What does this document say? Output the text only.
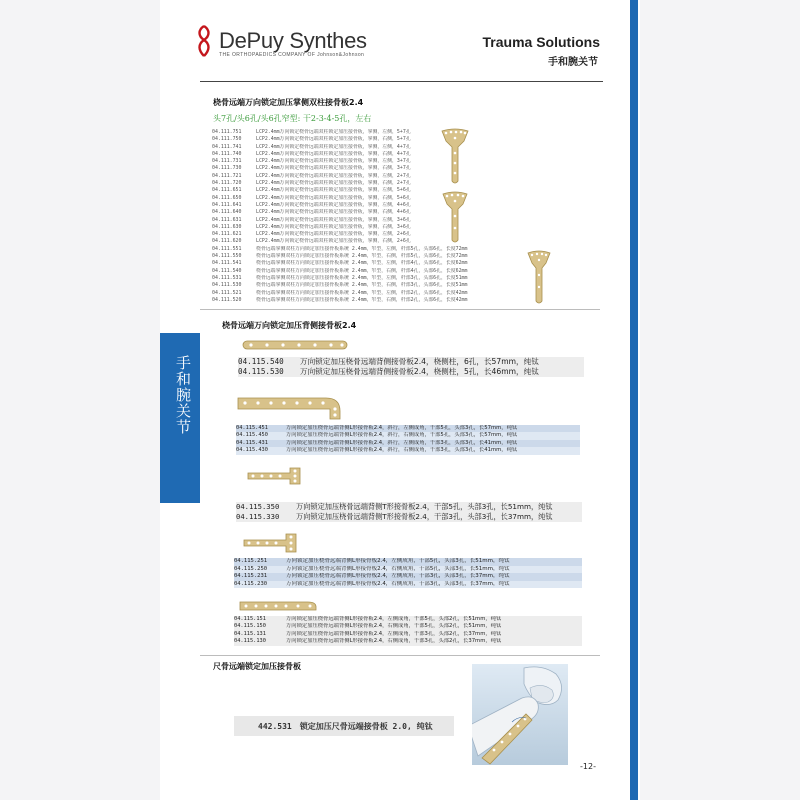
手和腕关节
DePuy Synthes
THE ORTHOPAEDICS COMPANY OF Johnson&Johnson
Trauma Solutions
手和腕关节
桡骨远端万向锁定加压掌侧双柱接骨板2.4
头7孔/头6孔/头6孔窄型: 干2-3-4-5孔，左右
04.111.751	LCP2.4mm万向锁定桡骨远端双柱锁定加压接骨板，掌侧，左侧，5+7孔
04.111.750	LCP2.4mm万向锁定桡骨远端双柱锁定加压接骨板，掌侧，右侧，5+7孔
04.111.741	LCP2.4mm万向锁定桡骨远端双柱锁定加压接骨板，掌侧，左侧，4+7孔
04.111.740	LCP2.4mm万向锁定桡骨远端双柱锁定加压接骨板，掌侧，右侧，4+7孔
04.111.731	LCP2.4mm万向锁定桡骨远端双柱锁定加压接骨板，掌侧，左侧，3+7孔
04.111.730	LCP2.4mm万向锁定桡骨远端双柱锁定加压接骨板，掌侧，右侧，3+7孔
04.111.721	LCP2.4mm万向锁定桡骨远端双柱锁定加压接骨板，掌侧，左侧，2+7孔
04.111.720	LCP2.4mm万向锁定桡骨远端双柱锁定加压接骨板，掌侧，右侧，2+7孔
04.111.651	LCP2.4mm万向锁定桡骨远端双柱锁定加压接骨板，掌侧，左侧，5+6孔
04.111.650	LCP2.4mm万向锁定桡骨远端双柱锁定加压接骨板，掌侧，右侧，5+6孔
04.111.641	LCP2.4mm万向锁定桡骨远端双柱锁定加压接骨板，掌侧，左侧，4+6孔
04.111.640	LCP2.4mm万向锁定桡骨远端双柱锁定加压接骨板，掌侧，右侧，4+6孔
04.111.631	LCP2.4mm万向锁定桡骨远端双柱锁定加压接骨板，掌侧，左侧，3+6孔
04.111.630	LCP2.4mm万向锁定桡骨远端双柱锁定加压接骨板，掌侧，右侧，3+6孔
04.111.621	LCP2.4mm万向锁定桡骨远端双柱锁定加压接骨板，掌侧，左侧，2+6孔
04.111.620	LCP2.4mm万向锁定桡骨远端双柱锁定加压接骨板，掌侧，右侧，2+6孔
04.111.551	桡骨远端掌侧双柱万向锁定加压接骨板系统 2.4mm，窄型，左侧，杆部5孔，头部6孔，长度72mm
04.111.550	桡骨远端掌侧双柱万向锁定加压接骨板系统 2.4mm，窄型，右侧，杆部5孔，头部6孔，长度72mm
04.111.541	桡骨远端掌侧双柱万向锁定加压接骨板系统 2.4mm，窄型，左侧，杆部4孔，头部6孔，长度62mm
04.111.540	桡骨远端掌侧双柱万向锁定加压接骨板系统 2.4mm，窄型，右侧，杆部4孔，头部6孔，长度62mm
04.111.531	桡骨远端掌侧双柱万向锁定加压接骨板系统 2.4mm，窄型，左侧，杆部3孔，头部6孔，长度51mm
04.111.530	桡骨远端掌侧双柱万向锁定加压接骨板系统 2.4mm，窄型，右侧，杆部3孔，头部6孔，长度51mm
04.111.521	桡骨远端掌侧双柱万向锁定加压接骨板系统 2.4mm，窄型，左侧，杆部2孔，头部6孔，长度42mm
04.111.520	桡骨远端掌侧双柱万向锁定加压接骨板系统 2.4mm，窄型，右侧，杆部2孔，头部6孔，长度42mm
桡骨远端万向锁定加压背侧接骨板2.4
04.115.540	万向锁定加压桡骨远端背侧接骨板2.4，桡侧柱，6孔，长57mm，纯钛
04.115.530	万向锁定加压桡骨远端背侧接骨板2.4，桡侧柱，5孔，长46mm，纯钛
04.115.451	万向锁定加压桡骨远端背侧L形接骨板2.4，斜行，左侧成角，干部5孔，头部3孔，长57mm，纯钛
04.115.450	万向锁定加压桡骨远端背侧L形接骨板2.4，斜行，右侧成角，干部5孔，头部3孔，长57mm，纯钛
04.115.431	万向锁定加压桡骨远端背侧L形接骨板2.4，斜行，左侧成角，干部3孔，头部3孔，长41mm，纯钛
04.115.430	万向锁定加压桡骨远端背侧L形接骨板2.4，斜行，右侧成角，干部3孔，头部3孔，长41mm，纯钛
04.115.350	万向锁定加压桡骨远端背侧T形接骨板2.4，干部5孔，头部3孔，长51mm，纯钛
04.115.330	万向锁定加压桡骨远端背侧T形接骨板2.4，干部3孔，头部3孔，长37mm，纯钛
04.115.251	万向锁定加压桡骨远端背侧L形接骨板2.4，左侧成角，干部5孔，头部3孔，长51mm，纯钛
04.115.250	万向锁定加压桡骨远端背侧L形接骨板2.4，右侧成角，干部5孔，头部3孔，长51mm，纯钛
04.115.231	万向锁定加压桡骨远端背侧L形接骨板2.4，左侧成角，干部3孔，头部3孔，长37mm，纯钛
04.115.230	万向锁定加压桡骨远端背侧L形接骨板2.4，右侧成角，干部3孔，头部3孔，长37mm，纯钛
04.115.151	万向锁定加压桡骨远端背侧L形接骨板2.4，左侧成角，干部5孔，头部2孔，长51mm，纯钛
04.115.150	万向锁定加压桡骨远端背侧L形接骨板2.4，右侧成角，干部5孔，头部2孔，长51mm，纯钛
04.115.131	万向锁定加压桡骨远端背侧L形接骨板2.4，左侧成角，干部3孔，头部2孔，长37mm，纯钛
04.115.130	万向锁定加压桡骨远端背侧L形接骨板2.4，右侧成角，干部3孔，头部2孔，长37mm，纯钛
尺骨远端锁定加压接骨板
442.531 锁定加压尺骨远端接骨板 2.0, 纯钛
-12-
